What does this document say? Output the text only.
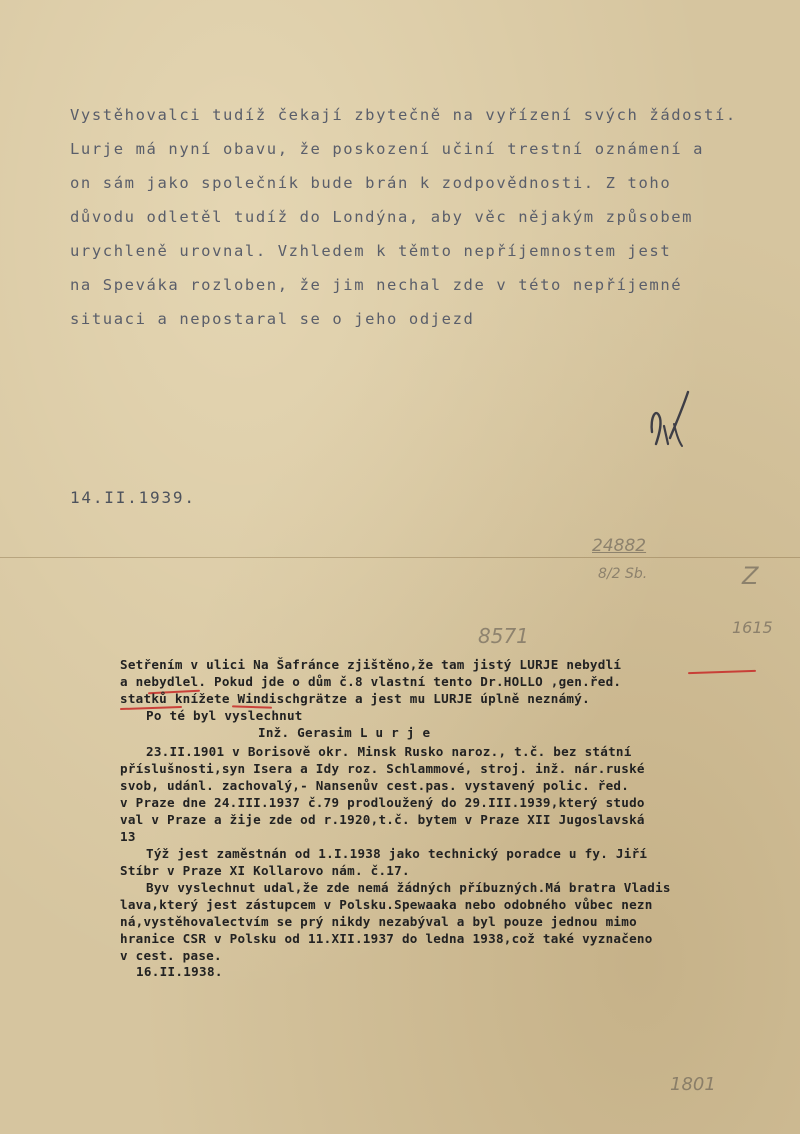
Vystěhovalci tudíž čekají zbytečně na vyřízení svých žádostí.
Lurje má nyní obavu, že poskození učiní trestní oznámení a
on sám jako společník bude brán k zodpovědnosti. Z toho
důvodu odletěl tudíž do Londýna, aby věc nějakým způsobem
urychleně urovnal. Vzhledem k těmto nepříjemnostem jest
na Speváka rozloben, že jim nechal zde v této nepříjemné
situaci a nepostaral se o jeho odjezd
14.II.1939.
24882
8/2 Sb.	Z
1615
8571
1801
Setřením v ulici Na Šafránce zjištěno,že tam jistý LURJE nebydlí
a nebydlel. Pokud jde o dům č.8 vlastní tento Dr.HOLLO ,gen.řed.
statků knížete Windischgrätze a jest mu LURJE úplně neznámý.
Po té byl vyslechnut
Inž. Gerasim L u r j e
23.II.1901 v Borisově okr. Minsk Rusko naroz., t.č. bez státní
příslušnosti,syn Isera a Idy roz. Schlammové, stroj. inž. nár.ruské
svob, udánl. zachovalý,- Nansenův cest.pas. vystavený polic. řed.
v Praze dne 24.III.1937 č.79 prodloužený do 29.III.1939,který studo
val v Praze a žije zde od r.1920,t.č. bytem v Praze XII Jugoslavská
13
Týž jest zaměstnán od 1.I.1938 jako technický poradce u fy. Jiří
Stíbr v Praze XI Kollarovo nám. č.17.
Byv vyslechnut udal,že zde nemá žádných příbuzných.Má bratra Vladis
lava,který jest zástupcem v Polsku.Spewaaka nebo odobného vůbec nezn
ná,vystěhovalectvím se prý nikdy nezabýval a byl pouze jednou mimo
hranice CSR v Polsku od 11.XII.1937 do ledna 1938,což také vyznačeno
v cest. pase.
16.II.1938.
